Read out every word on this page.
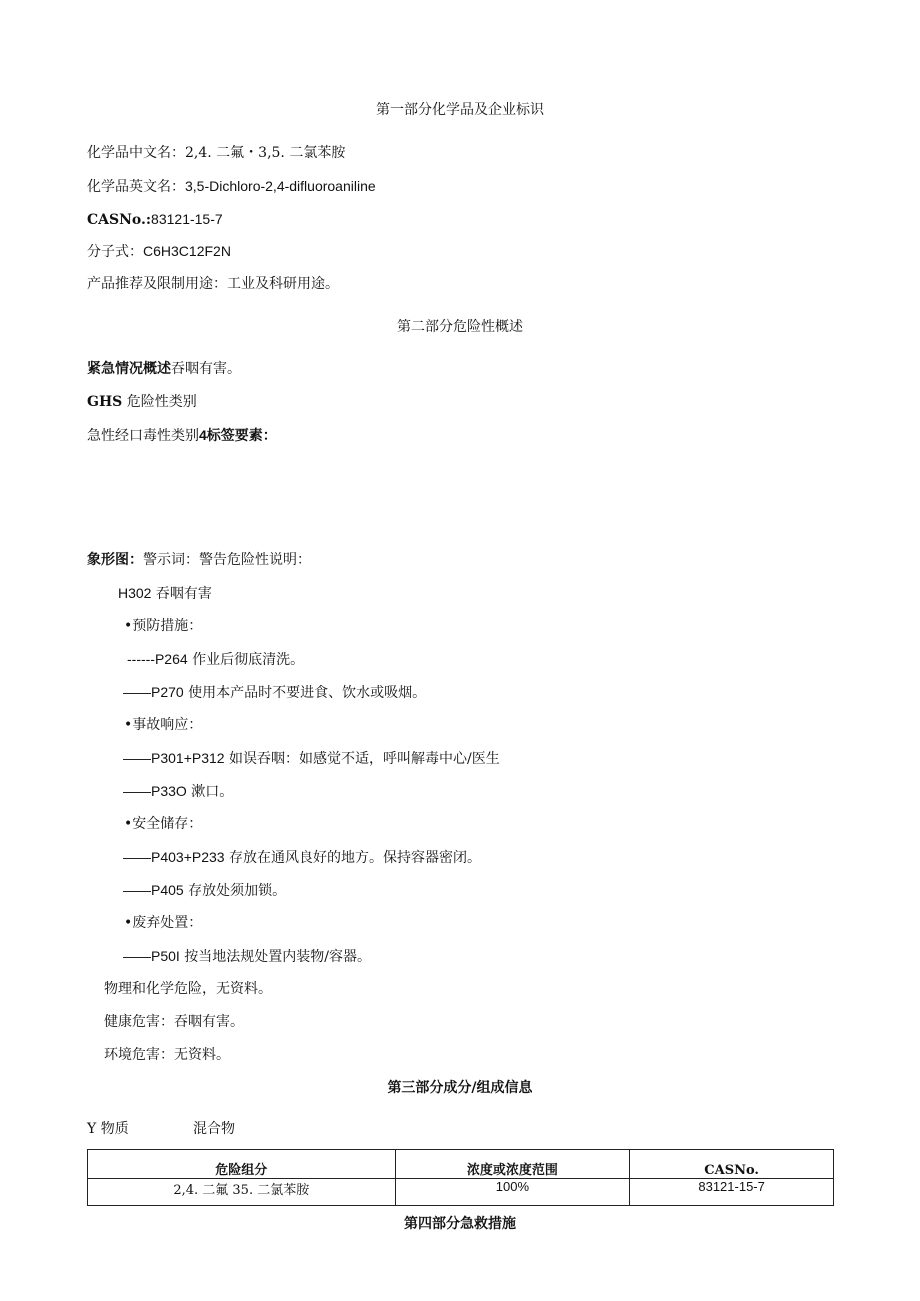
第一部分化学品及企业标识
化学品中文名：2,4. 二氟・3,5. 二氯苯胺
化学品英文名：3,5-Dichloro-2,4-difluoroaniline
CASNo.:83121-15-7
分子式：C6H3C12F2N
产品推荐及限制用途：工业及科研用途。
第二部分危险性概述
紧急情况概述吞咽有害。
GHS 危险性类别
急性经口毒性类别4标签要素：
象形图：警示词：警告危险性说明：
H302 吞咽有害
•预防措施：
------P264 作业后彻底清洗。
——P270 使用本产品时不要进食、饮水或吸烟。
•事故响应：
——P301+P312 如误吞咽：如感觉不适，呼叫解毒中心/医生
——P33O 漱口。
•安全储存：
——P403+P233 存放在通风良好的地方。保持容器密闭。
——P405 存放处须加锁。
•废弃处置：
——P50I 按当地法规处置内装物/容器。
物理和化学危险，无资料。
健康危害：吞咽有害。
环境危害：无资料。
第三部分成分/组成信息
Y 物质	混合物
危险组分	浓度或浓度范围	CASNo.
2,4. 二氟 35. 二氯苯胺	100%	83121-15-7
第四部分急救措施
